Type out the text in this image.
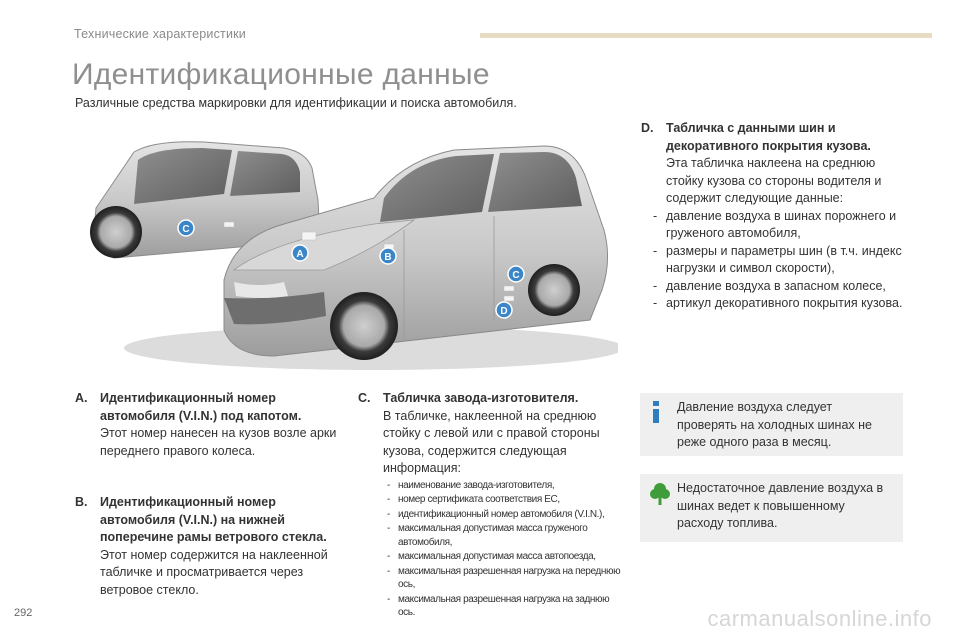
Технические характеристики
Идентификационные данные
Различные средства маркировки для идентификации и поиска автомобиля.
C
A	B
C
D
A. Идентификационный номер автомобиля (V.I.N.) под капотом.
Этот номер нанесен на кузов возле арки переднего правого колеса.
B. Идентификационный номер автомобиля (V.I.N.) на нижней поперечине рамы ветрового стекла.
Этот номер содержится на наклеенной табличке и просматривается через ветровое стекло.
C. Табличка завода-изготовителя.
В табличке, наклеенной на среднюю стойку с левой или с правой стороны кузова, содержится следующая информация:
- наименование завода-изготовителя,
- номер сертификата соответствия ЕС,
- идентификационный номер автомобиля (V.I.N.),
- максимальная допустимая масса груженого автомобиля,
- максимальная допустимая масса автопоезда,
- максимальная разрешенная нагрузка на переднюю ось,
- максимальная разрешенная нагрузка на заднюю ось.
D. Табличка с данными шин и декоративного покрытия кузова.
Эта табличка наклеена на среднюю стойку кузова со стороны водителя и содержит следующие данные:
- давление воздуха в шинах порожнего и груженого автомобиля,
- размеры и параметры шин (в т.ч. индекс нагрузки и символ скорости),
- давление воздуха в запасном колесе,
- артикул декоративного покрытия кузова.
Давление воздуха следует проверять на холодных шинах не реже одного раза в месяц.
Недостаточное давление воздуха в шинах ведет к повышенному расходу топлива.
292	carmanualsonline.info
